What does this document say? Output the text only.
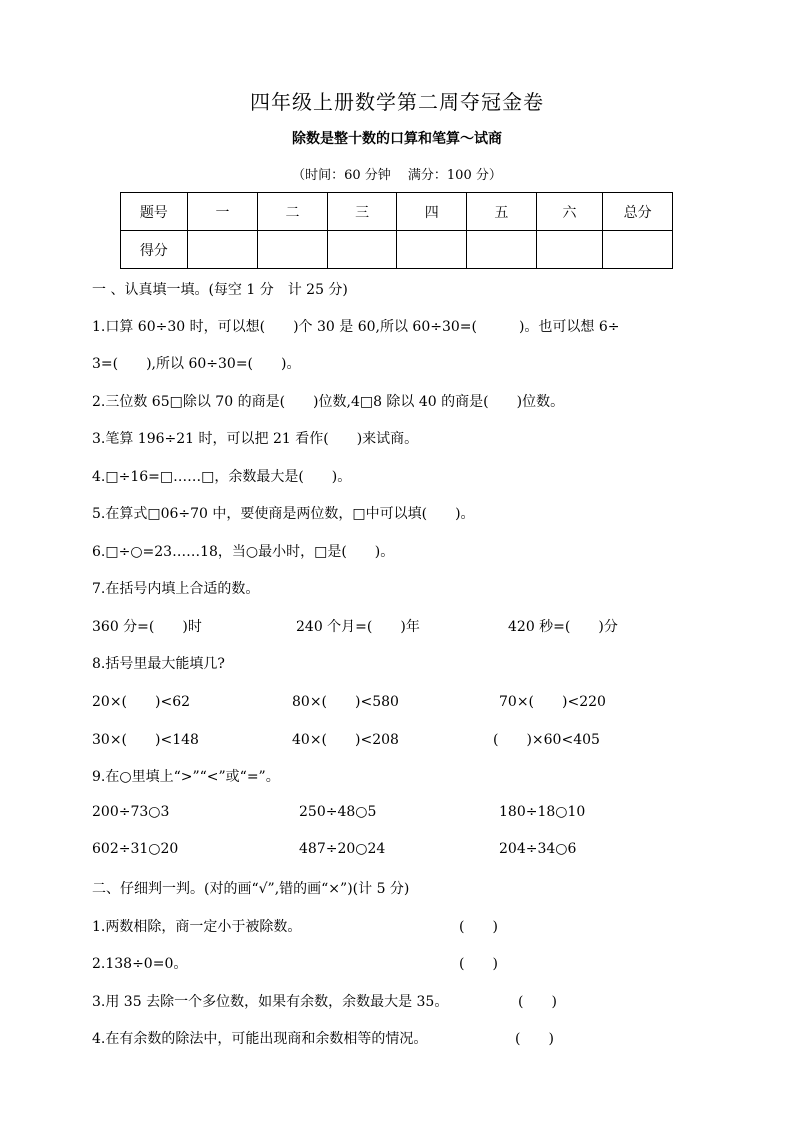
四年级上册数学第二周夺冠金卷
除数是整十数的口算和笔算～试商
（时间：60 分钟　 满分：100 分）
题号	一	二	三	四	五	六	总分
得分							
一 、认真填一填。(每空 1 分　计 25 分)
1.口算 60÷30 时，可以想(　　)个 30 是 60,所以 60÷30=(　　　)。也可以想 6÷
3=(　　),所以 60÷30=(　　)。
2.三位数 65□除以 70 的商是(　　)位数,4□8 除以 40 的商是(　　)位数。
3.笔算 196÷21 时，可以把 21 看作(　　)来试商。
4.□÷16=□……□，余数最大是(　　)。
5.在算式□06÷70 中，要使商是两位数，□中可以填(　　)。
6.□÷○=23……18，当○最小时，□是(　　)。
7.在括号内填上合适的数。
360 分=(　　)时	240 个月=(　　)年	420 秒=(　　)分
8.括号里最大能填几?
20×(　　)<62	80×(　　)<580	70×(　　)<220
30×(　　)<148	40×(　　)<208	(　　)×60<405
9.在○里填上“>”“<”或“=”。
200÷73○3	250÷48○5	180÷18○10
602÷31○20	487÷20○24	204÷34○6
二、仔细判一判。(对的画“√”,错的画“×”)(计 5 分)
1.两数相除，商一定小于被除数。	(　　)
2.138÷0=0。	(　　)
3.用 35 去除一个多位数，如果有余数，余数最大是 35。	(　　)
4.在有余数的除法中，可能出现商和余数相等的情况。	(　　)
